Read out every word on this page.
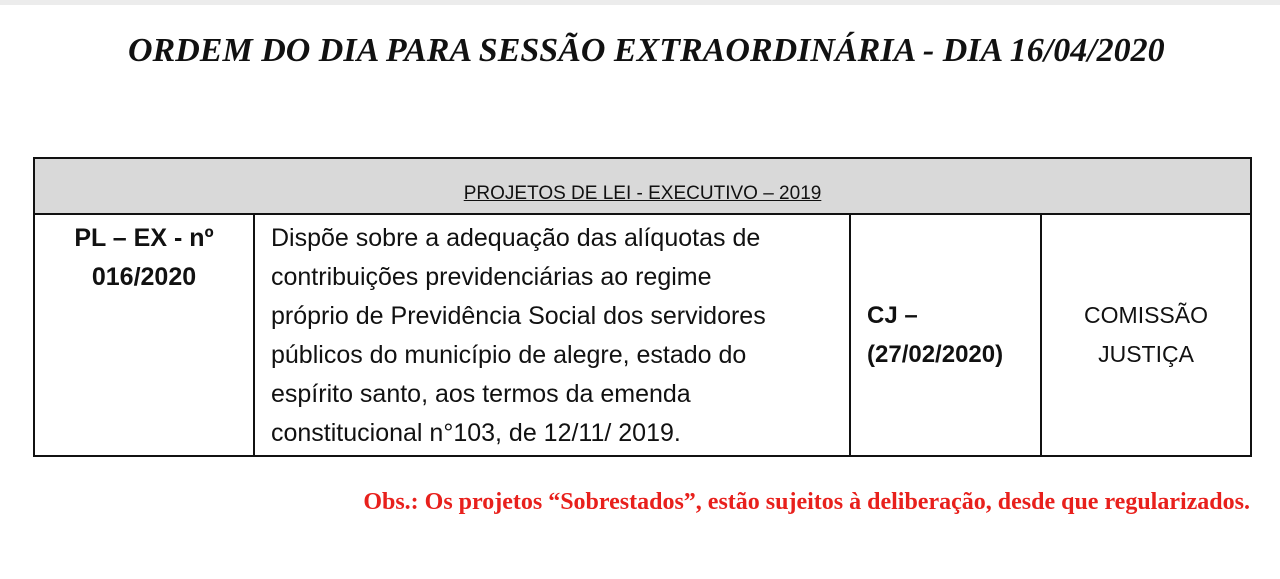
ORDEM DO DIA PARA SESSÃO EXTRAORDINÁRIA - DIA 16/04/2020
PROJETOS DE LEI - EXECUTIVO – 2019

PL – EX - nº
016/2020

Dispõe sobre a adequação das alíquotas de
contribuições previdenciárias ao regime
próprio de Previdência Social dos servidores
públicos do município de alegre, estado do
espírito santo, aos termos da emenda
constitucional n°103, de 12/11/ 2019.

CJ –
(27/02/2020)

COMISSÃO
JUSTIÇA

Obs.: Os projetos “Sobrestados”, estão sujeitos à deliberação, desde que regularizados.
